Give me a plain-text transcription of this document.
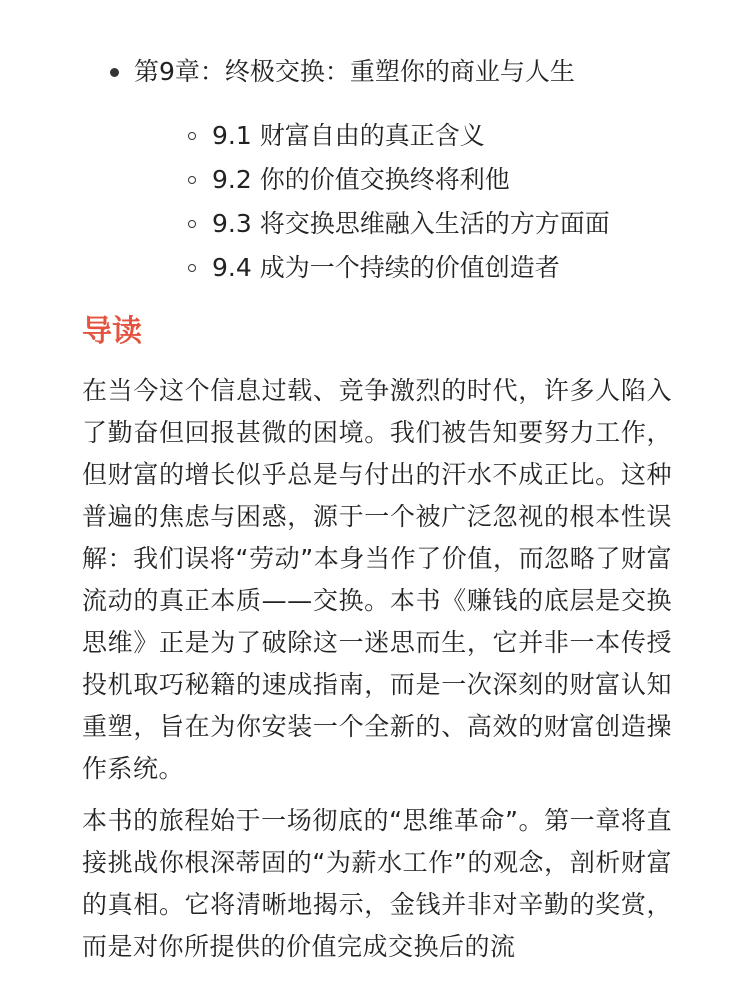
第9章：终极交换：重塑你的商业与人生
9.1 财富自由的真正含义
9.2 你的价值交换终将利他
9.3 将交换思维融入生活的方方面面
9.4 成为一个持续的价值创造者
导读

在当今这个信息过载、竞争激烈的时代，许多人陷入了勤奋但回报甚微的困境。我们被告知要努力工作，但财富的增长似乎总是与付出的汗水不成正比。这种普遍的焦虑与困惑，源于一个被广泛忽视的根本性误解：我们误将“劳动”本身当作了价值，而忽略了财富流动的真正本质——交换。本书《赚钱的底层是交换思维》正是为了破除这一迷思而生，它并非一本传授投机取巧秘籍的速成指南，而是一次深刻的财富认知重塑，旨在为你安装一个全新的、高效的财富创造操作系统。

本书的旅程始于一场彻底的“思维革命”。第一章将直接挑战你根深蒂固的“为薪水工作”的观念，剖析财富的真相。它将清晰地揭示，金钱并非对辛勤的奖赏，而是对你所提供的价值完成交换后的流
